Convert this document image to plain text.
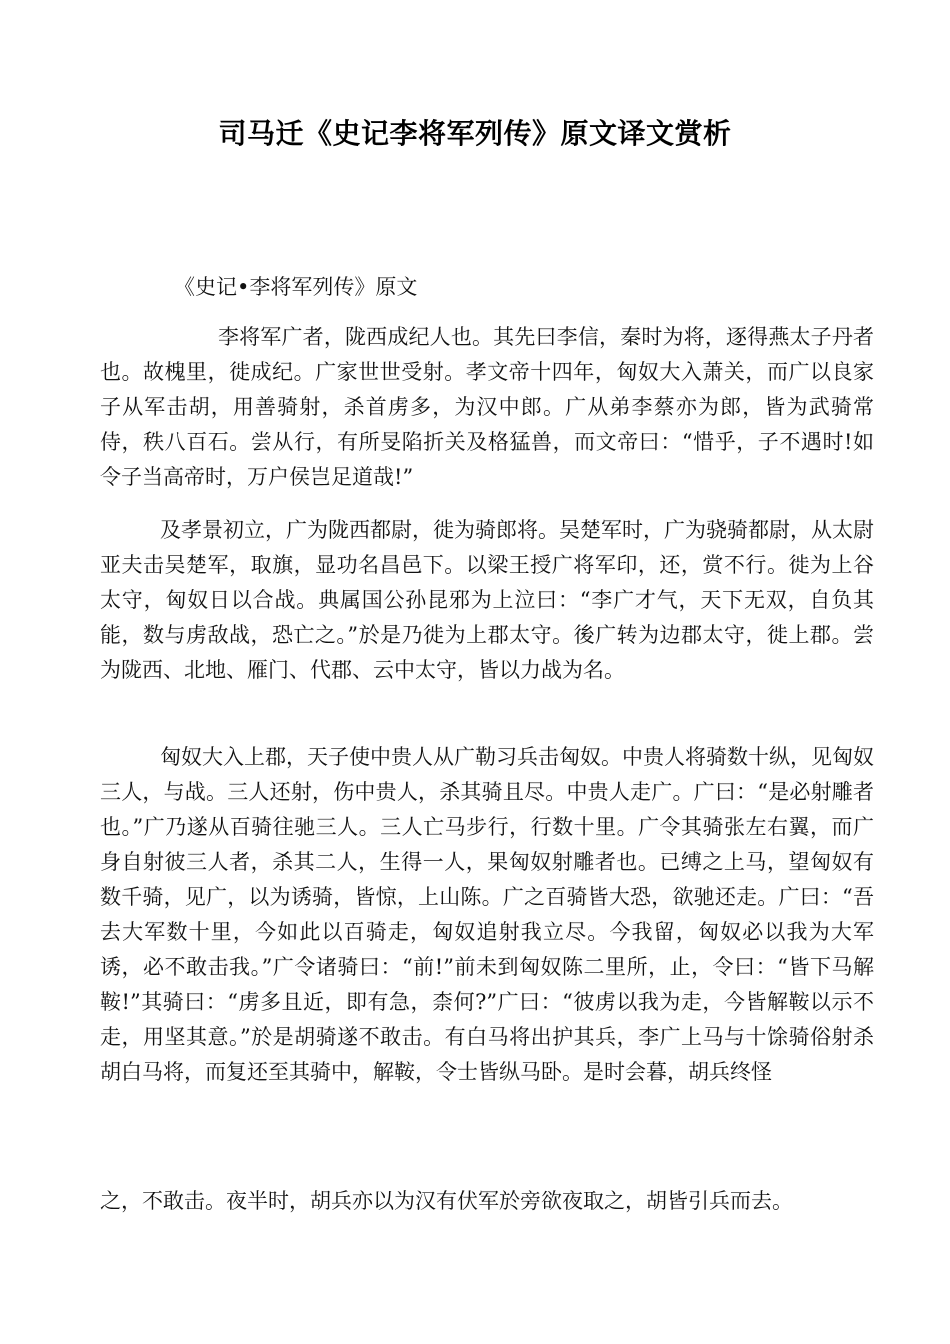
司马迁《史记李将军列传》原文译文赏析
《史记•李将军列传》原文

李将军广者，陇西成纪人也。其先曰李信，秦时为将，逐得燕太子丹者也。故槐里，徙成纪。广家世世受射。孝文帝十四年，匈奴大入萧关，而广以良家子从军击胡，用善骑射，杀首虏多，为汉中郎。广从弟李蔡亦为郎，皆为武骑常侍，秩八百石。尝从行，有所旻陷折关及格猛兽，而文帝曰：“惜乎，子不遇时!如令子当高帝时，万户侯岂足道哉!”

及孝景初立，广为陇西都尉，徙为骑郎将。吴楚军时，广为骁骑都尉，从太尉亚夫击吴楚军，取旗，显功名昌邑下。以梁王授广将军印，还，赏不行。徙为上谷太守，匈奴日以合战。典属国公孙昆邪为上泣曰：“李广才气，天下无双，自负其能，数与虏敌战，恐亡之。”於是乃徙为上郡太守。後广转为边郡太守，徙上郡。尝为陇西、北地、雁门、代郡、云中太守，皆以力战为名。

匈奴大入上郡，天子使中贵人从广勒习兵击匈奴。中贵人将骑数十纵，见匈奴三人，与战。三人还射，伤中贵人，杀其骑且尽。中贵人走广。广曰：“是必射雕者也。”广乃遂从百骑往驰三人。三人亡马步行，行数十里。广令其骑张左右翼，而广身自射彼三人者，杀其二人，生得一人，果匈奴射雕者也。已缚之上马，望匈奴有数千骑，见广，以为诱骑，皆惊，上山陈。广之百骑皆大恐，欲驰还走。广曰：“吾去大军数十里，今如此以百骑走，匈奴追射我立尽。今我留，匈奴必以我为大军诱，必不敢击我。”广令诸骑曰：“前!”前未到匈奴陈二里所，止，令曰：“皆下马解鞍!”其骑曰：“虏多且近，即有急，柰何?”广曰：“彼虏以我为走，今皆解鞍以示不走，用坚其意。”於是胡骑遂不敢击。有白马将出护其兵，李广上马与十馀骑俗射杀胡白马将，而复还至其骑中，解鞍，令士皆纵马卧。是时会暮，胡兵终怪

之，不敢击。夜半时，胡兵亦以为汉有伏军於旁欲夜取之，胡皆引兵而去。
